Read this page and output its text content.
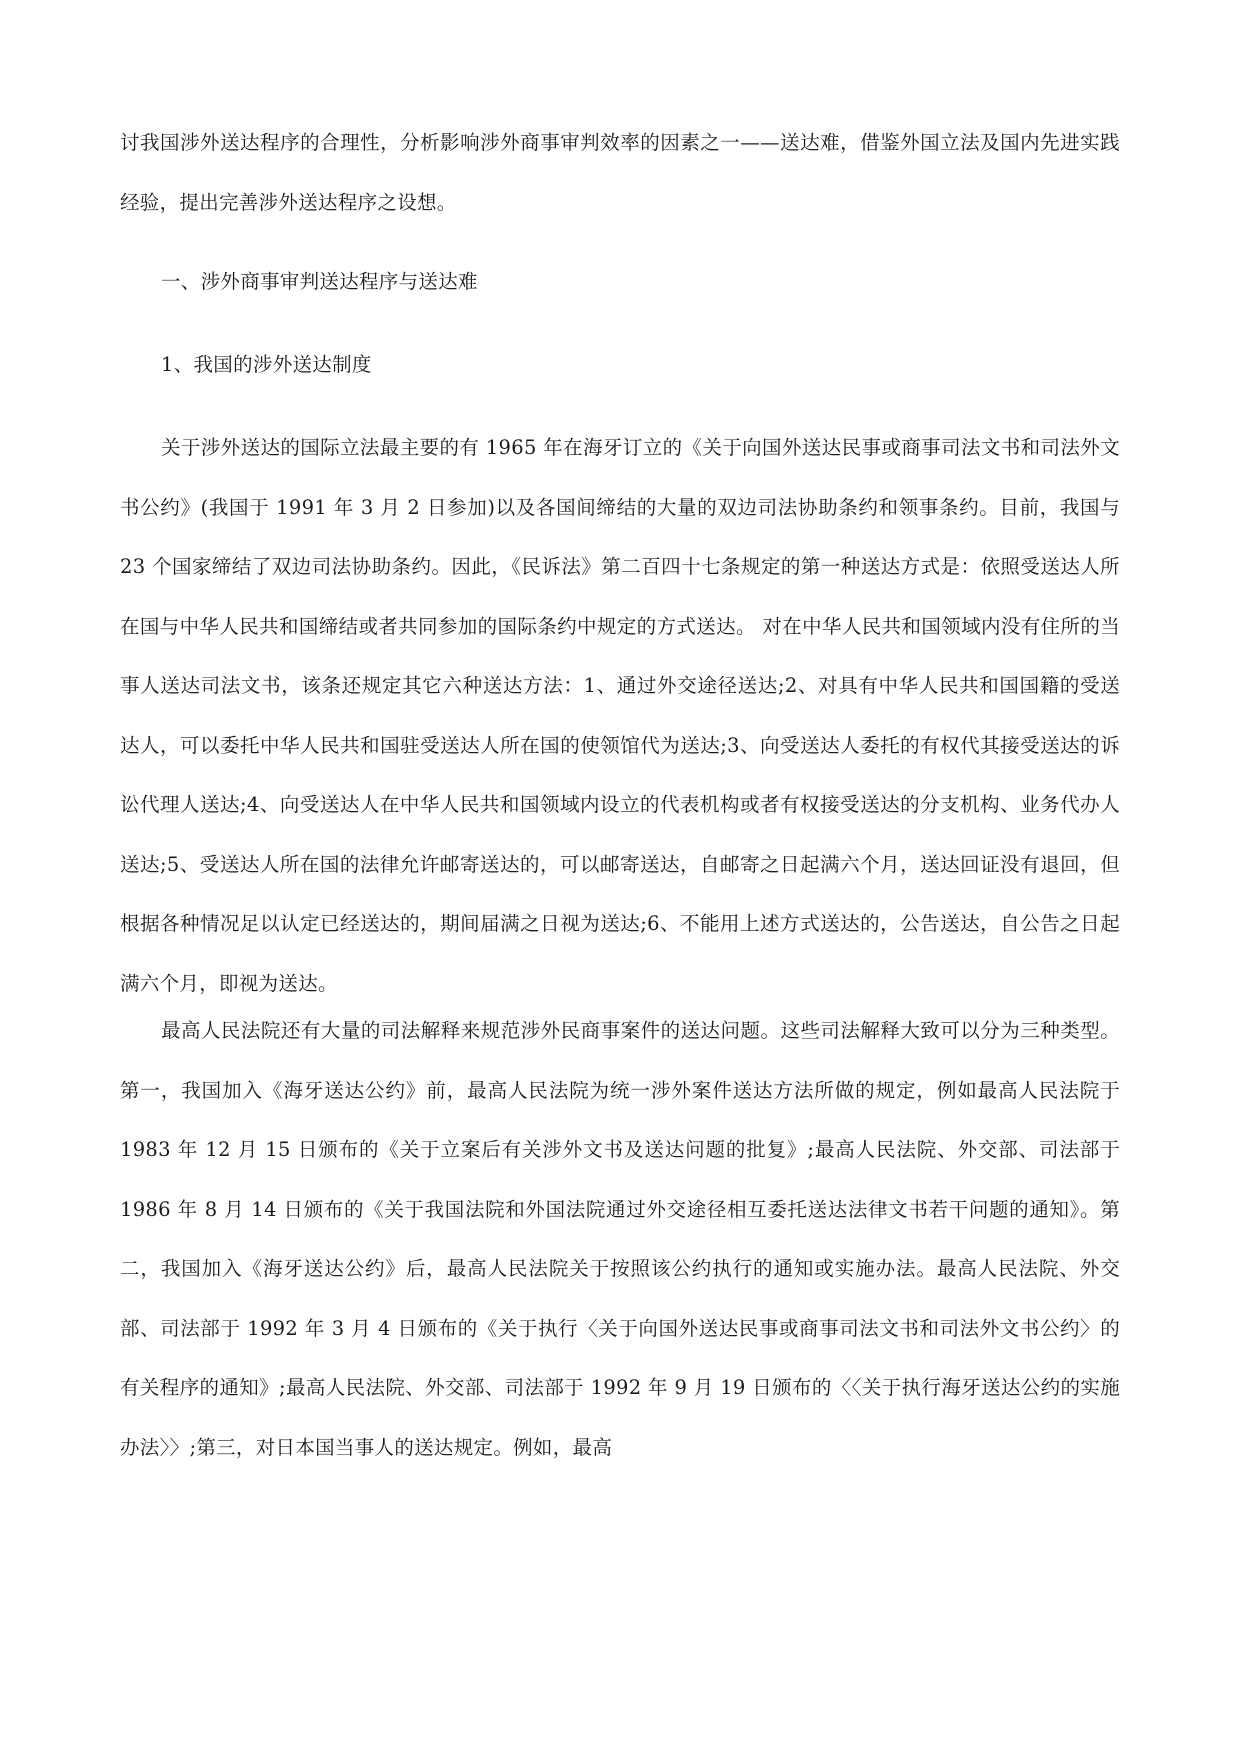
讨我国涉外送达程序的合理性，分析影响涉外商事审判效率的因素之一——送达难，借鉴外国立法及国内先进实践经验，提出完善涉外送达程序之设想。

一、涉外商事审判送达程序与送达难

1、我国的涉外送达制度

关于涉外送达的国际立法最主要的有 1965 年在海牙订立的《关于向国外送达民事或商事司法文书和司法外文书公约》(我国于 1991 年 3 月 2 日参加)以及各国间缔结的大量的双边司法协助条约和领事条约。目前，我国与 23 个国家缔结了双边司法协助条约。因此，《民诉法》第二百四十七条规定的第一种送达方式是：依照受送达人所在国与中华人民共和国缔结或者共同参加的国际条约中规定的方式送达。 对在中华人民共和国领域内没有住所的当事人送达司法文书，该条还规定其它六种送达方法：1、通过外交途径送达;2、对具有中华人民共和国国籍的受送达人，可以委托中华人民共和国驻受送达人所在国的使领馆代为送达;3、向受送达人委托的有权代其接受送达的诉讼代理人送达;4、向受送达人在中华人民共和国领域内设立的代表机构或者有权接受送达的分支机构、业务代办人送达;5、受送达人所在国的法律允许邮寄送达的，可以邮寄送达，自邮寄之日起满六个月，送达回证没有退回，但根据各种情况足以认定已经送达的，期间届满之日视为送达;6、不能用上述方式送达的，公告送达，自公告之日起满六个月，即视为送达。

最高人民法院还有大量的司法解释来规范涉外民商事案件的送达问题。这些司法解释大致可以分为三种类型。第一，我国加入《海牙送达公约》前，最高人民法院为统一涉外案件送达方法所做的规定，例如最高人民法院于 1983 年 12 月 15 日颁布的《关于立案后有关涉外文书及送达问题的批复》;最高人民法院、外交部、司法部于 1986 年 8 月 14 日颁布的《关于我国法院和外国法院通过外交途径相互委托送达法律文书若干问题的通知》。第二，我国加入《海牙送达公约》后，最高人民法院关于按照该公约执行的通知或实施办法。最高人民法院、外交部、司法部于 1992 年 3 月 4 日颁布的《关于执行〈关于向国外送达民事或商事司法文书和司法外文书公约〉的有关程序的通知》;最高人民法院、外交部、司法部于 1992 年 9 月 19 日颁布的〈〈关于执行海牙送达公约的实施办法〉〉;第三，对日本国当事人的送达规定。例如，最高
